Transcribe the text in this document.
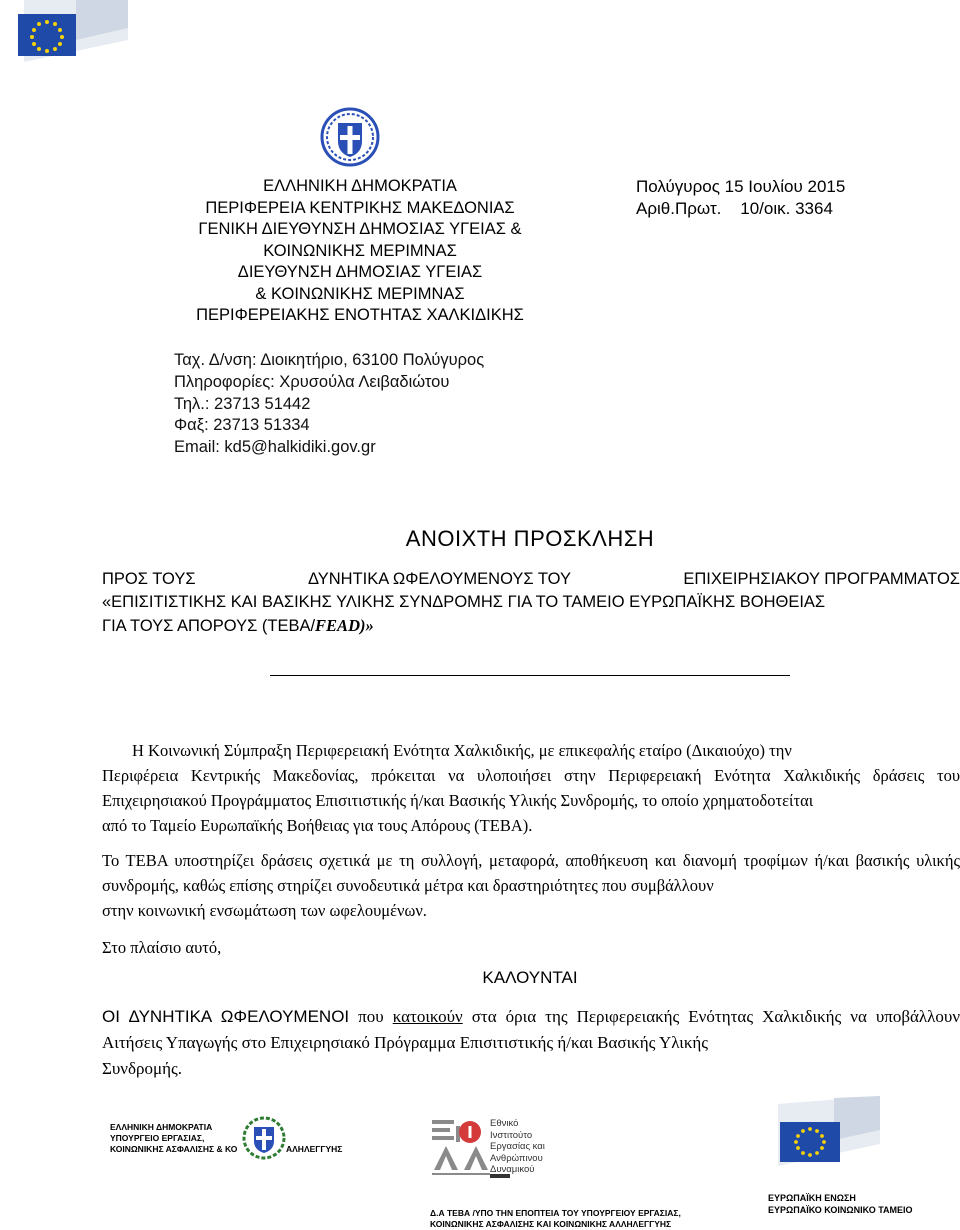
ΕΛΛΗΝΙΚΗ ΔΗΜΟΚΡΑΤΙΑ
ΠΕΡΙΦΕΡΕΙΑ ΚΕΝΤΡΙΚΗΣ ΜΑΚΕΔΟΝΙΑΣ
ΓΕΝΙΚΗ ΔΙΕΥΘΥΝΣΗ ΔΗΜΟΣΙΑΣ ΥΓΕΙΑΣ &
ΚΟΙΝΩΝΙΚΗΣ ΜΕΡΙΜΝΑΣ
ΔΙΕΥΘΥΝΣΗ ΔΗΜΟΣΙΑΣ ΥΓΕΙΑΣ
& ΚΟΙΝΩΝΙΚΗΣ ΜΕΡΙΜΝΑΣ
ΠΕΡΙΦΕΡΕΙΑΚΗΣ ΕΝΟΤΗΤΑΣ ΧΑΛΚΙΔΙΚΗΣ
Πολύγυρος 15 Ιουλίου 2015
Αριθ.Πρωτ.    10/οικ. 3364
Ταχ. Δ/νση: Διοικητήριο, 63100 Πολύγυρος
Πληροφορίες: Χρυσούλα Λειβαδιώτου
Τηλ.: 23713 51442
Φαξ: 23713 51334
Email: kd5@halkidiki.gov.gr
ΑΝΟΙΧΤΗ ΠΡΟΣΚΛΗΣΗ
ΠΡΟΣ ΤΟΥΣ	ΔΥΝΗΤΙΚΑ ΩΦΕΛΟΥΜΕΝΟΥΣ ΤΟΥ	ΕΠΙΧΕΙΡΗΣΙΑΚΟΥ ΠΡΟΓΡΑΜΜΑΤΟΣ
«ΕΠΙΣΙΤΙΣΤΙΚΗΣ ΚΑΙ ΒΑΣΙΚΗΣ ΥΛΙΚΗΣ ΣΥΝΔΡΟΜΗΣ ΓΙΑ ΤΟ ΤΑΜΕΙΟ ΕΥΡΩΠΑΪΚΗΣ ΒΟΗΘΕΙΑΣ
ΓΙΑ ΤΟΥΣ ΑΠΟΡΟΥΣ (ΤΕΒΑ/FEAD)»
Η Κοινωνική Σύμπραξη Περιφερειακή Ενότητα Χαλκιδικής, με επικεφαλής εταίρο (Δικαιούχο) την
Περιφέρεια Κεντρικής Μακεδονίας, πρόκειται να υλοποιήσει στην Περιφερειακή Ενότητα Χαλκιδικής δράσεις του Επιχειρησιακού Προγράμματος Επισιτιστικής ή/και Βασικής Υλικής Συνδρομής, το οποίο χρηματοδοτείται
από το Ταμείο Ευρωπαϊκής Βοήθειας για τους Απόρους (ΤΕΒΑ).
Το ΤΕΒΑ υποστηρίζει δράσεις σχετικά με τη συλλογή, μεταφορά, αποθήκευση και διανομή τροφίμων ή/και βασικής υλικής συνδρομής, καθώς επίσης στηρίζει συνοδευτικά μέτρα και δραστηριότητες που συμβάλλουν
στην κοινωνική ενσωμάτωση των ωφελουμένων.
Στο πλαίσιο αυτό,
ΚΑΛΟΥΝΤΑΙ
ΟΙ ΔΥΝΗΤΙΚΑ ΩΦΕΛΟΥΜΕΝΟΙ που κατοικούν στα όρια της Περιφερειακής Ενότητας Χαλκιδικής να υποβάλλουν Αιτήσεις Υπαγωγής στο Επιχειρησιακό Πρόγραμμα Επισιτιστικής ή/και Βασικής Υλικής
Συνδρομής.
ΕΛΛΗΝΙΚΗ ΔΗΜΟΚΡΑΤΙΑ
ΥΠΟΥΡΓΕΙΟ ΕΡΓΑΣΙΑΣ,
ΚΟΙΝΩΝΙΚΗΣ ΑΣΦΑΛΙΣΗΣ & ΚΟ	ΑΛΗΛΕΓΓΥΗΣ
Εθνικό
Ινστιτούτο
Εργασίας και
Ανθρώπινου
Δυναμικού
Δ.Α ΤΕΒΑ /ΥΠΟ ΤΗΝ ΕΠΟΠΤΕΙΑ ΤΟΥ ΥΠΟΥΡΓΕΙΟΥ ΕΡΓΑΣΙΑΣ,
ΚΟΙΝΩΝΙΚΗΣ ΑΣΦΑΛΙΣΗΣ ΚΑΙ ΚΟΙΝΩΝΙΚΗΣ ΑΛΛΗΛΕΓΓΥΗΣ
ΕΥΡΩΠΑΪΚΗ ΕΝΩΣΗ
ΕΥΡΩΠΑΪΚΟ ΚΟΙΝΩΝΙΚΟ ΤΑΜΕΙΟ
